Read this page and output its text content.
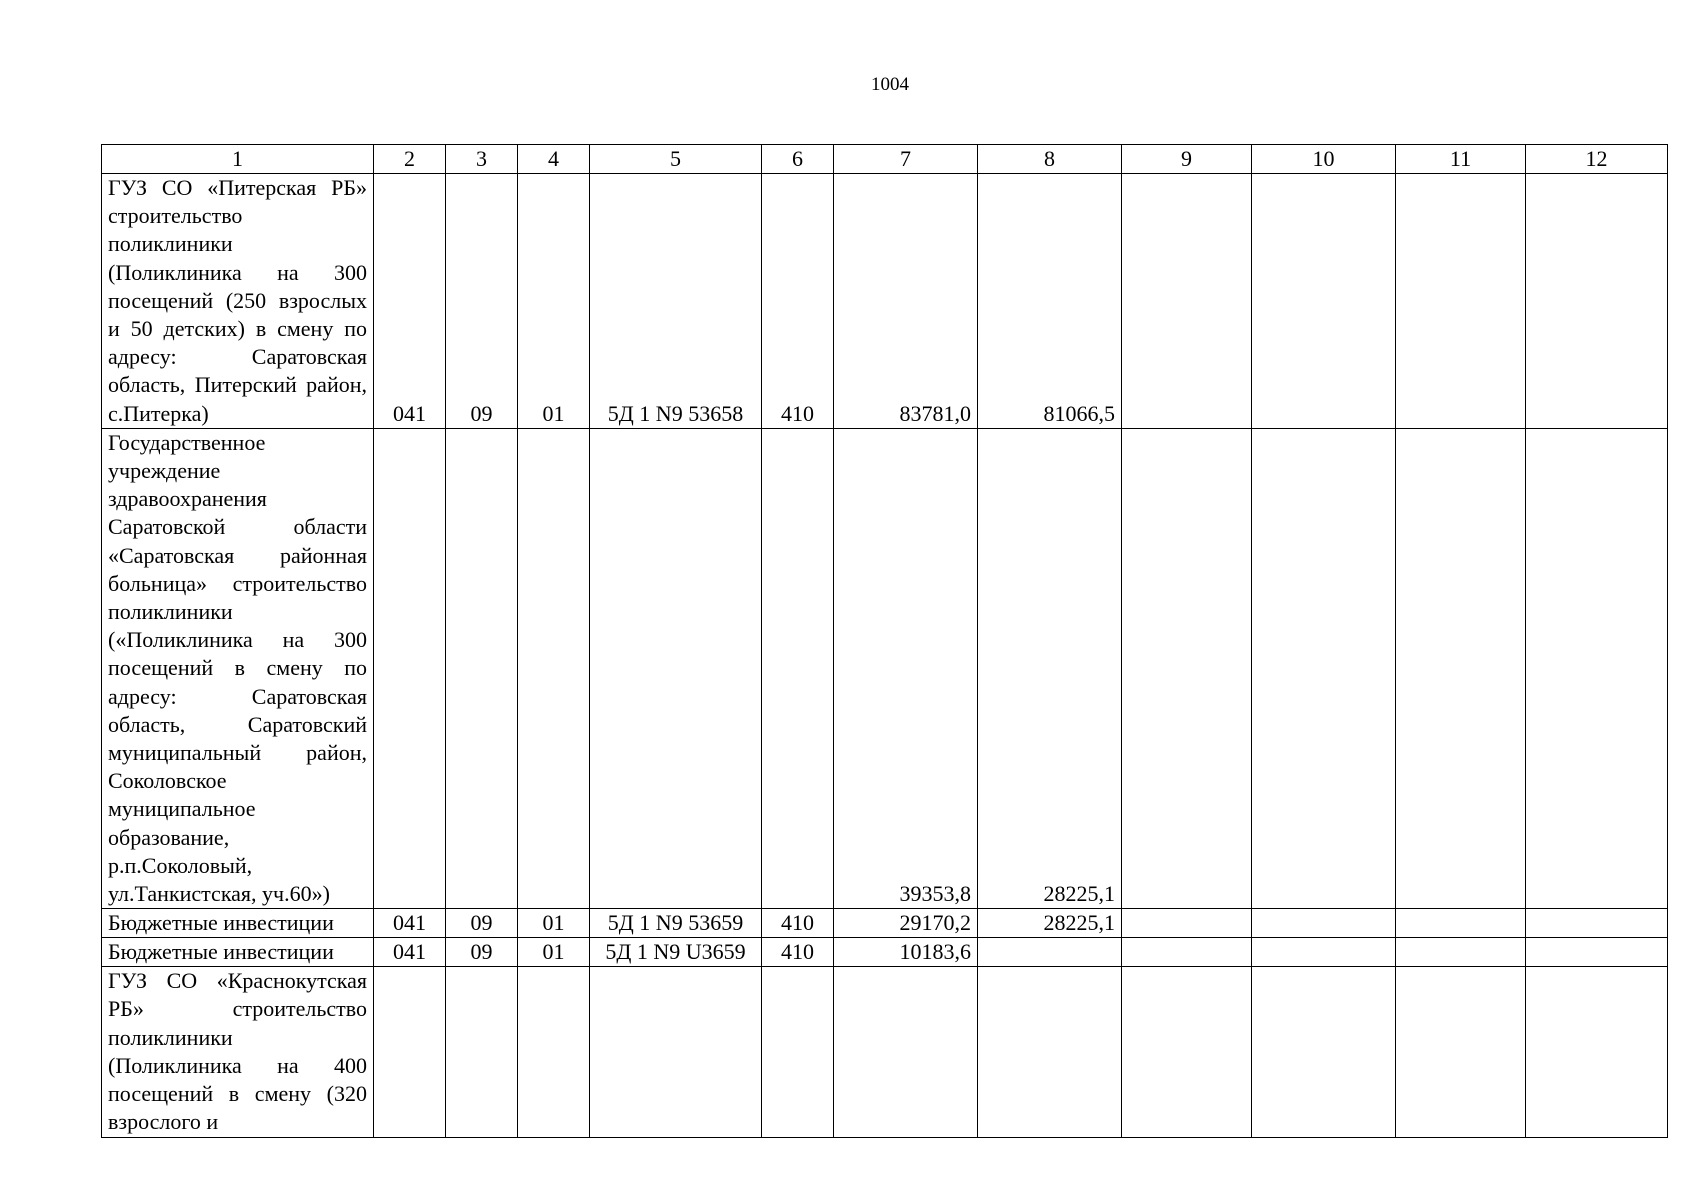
1004
1	2	3	4	5	6	7	8	9	10	11	12
ГУЗ СО «Питерская РБ» строительство поликлиники (Поликлиника на 300 посещений (250 взрослых и 50 детских) в смену по адресу: Саратовская область, Питерский район, с.Питерка)	041	09	01	5Д 1 N9 53658	410	83781,0	81066,5				
Государственное учреждение здравоохранения Саратовской области «Саратовская районная больница» строительство поликлиники («Поликлиника на 300 посещений в смену по адресу: Саратовская область, Саратовский муниципальный район, Соколовское муниципальное образование, р.п.Соколовый, ул.Танкистская, уч.60»)						39353,8	28225,1				
Бюджетные инвестиции	041	09	01	5Д 1 N9 53659	410	29170,2	28225,1				
Бюджетные инвестиции	041	09	01	5Д 1 N9 U3659	410	10183,6					
ГУЗ СО «Краснокутская РБ» строительство поликлиники (Поликлиника на 400 посещений в смену (320 взрослого и											
